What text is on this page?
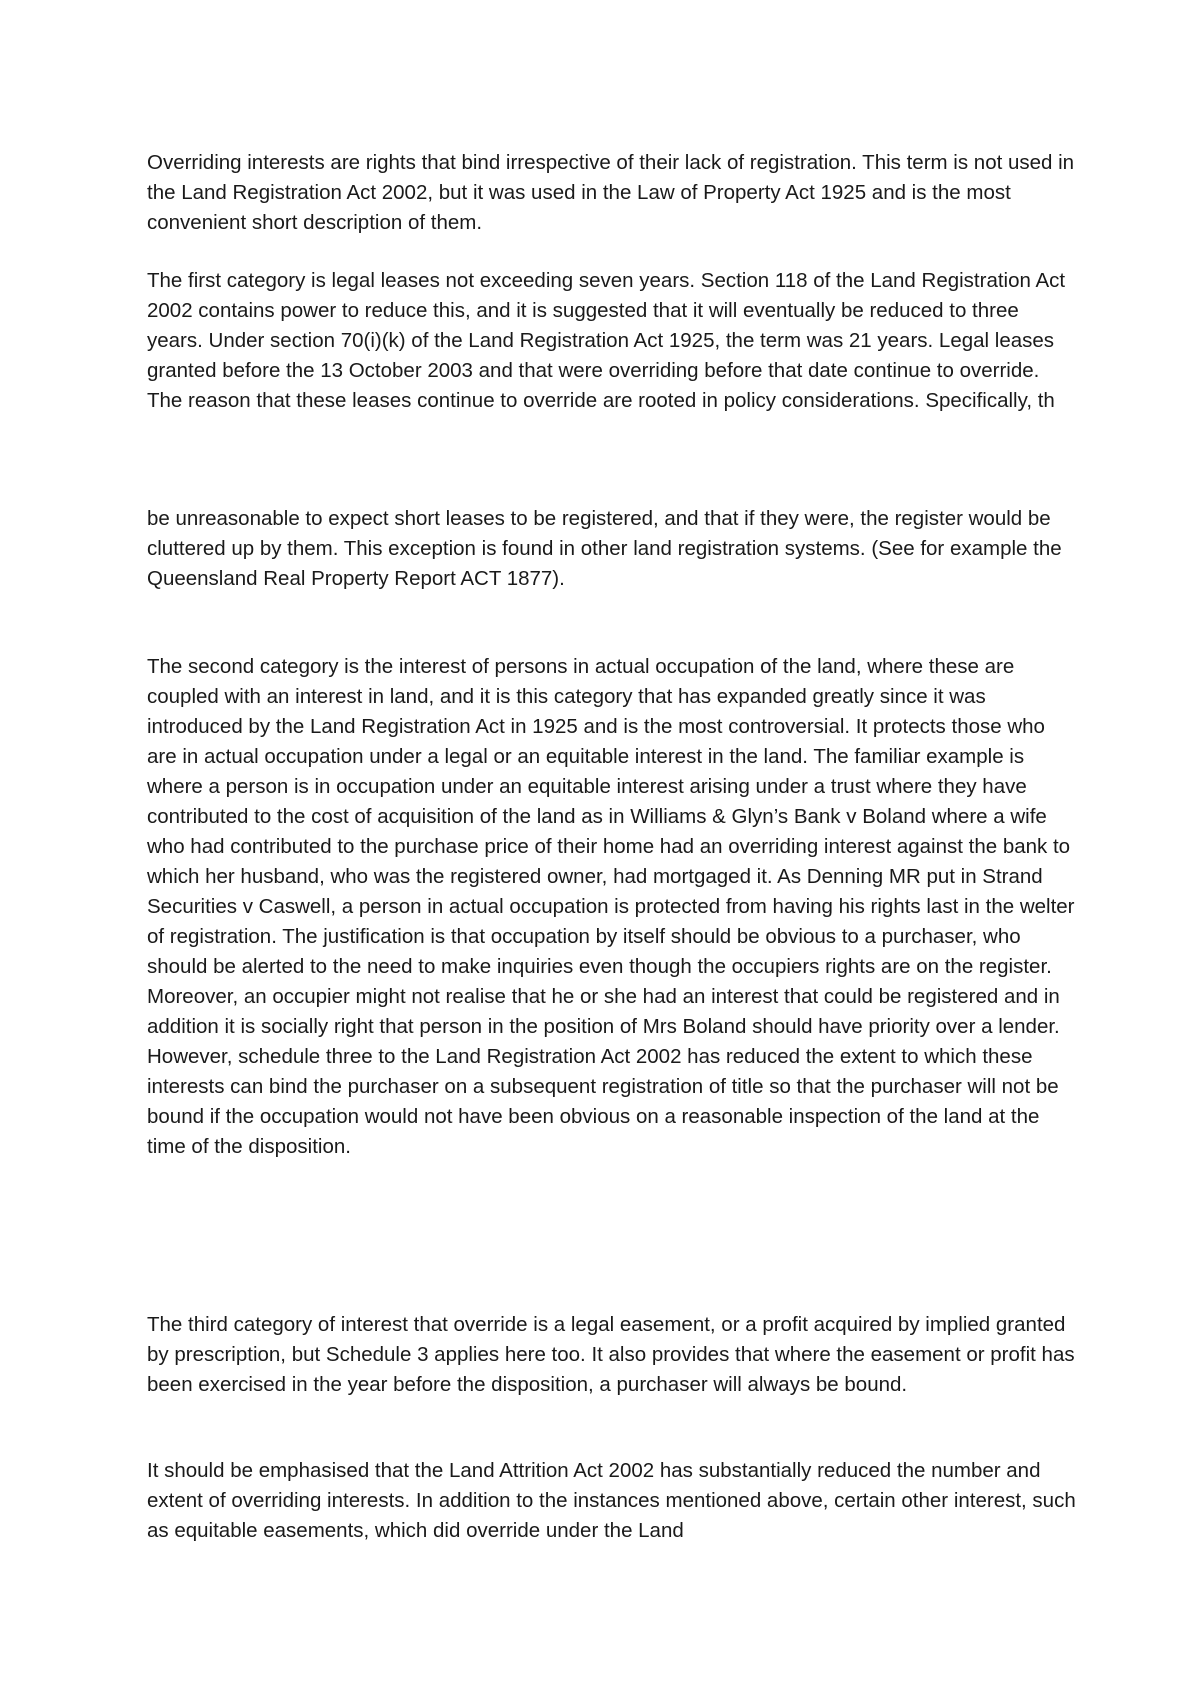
Overriding interests are rights that bind irrespective of their lack of registration. This term is not used in the Land Registration Act 2002, but it was used in the Law of Property Act 1925 and is the most convenient short description of them.

The first category is legal leases not exceeding seven years. Section 118 of the Land Registration Act 2002 contains power to reduce this, and it is suggested that it will eventually be reduced to three years. Under section 70(i)(k) of the Land Registration Act 1925, the term was 21 years. Legal leases granted before the 13 October 2003 and that were overriding before that date continue to override. The reason that these leases continue to override are rooted in policy considerations. Specifically, th

be unreasonable to expect short leases to be registered, and that if they were, the register would be cluttered up by them. This exception is found in other land registration systems. (See for example the Queensland Real Property Report ACT 1877).

The second category is the interest of persons in actual occupation of the land, where these are coupled with an interest in land, and it is this category that has expanded greatly since it was introduced by the Land Registration Act in 1925 and is the most controversial. It protects those who are in actual occupation under a legal or an equitable interest in the land. The familiar example is where a person is in occupation under an equitable interest arising under a trust where they have contributed to the cost of acquisition of the land as in Williams & Glyn’s Bank v Boland where a wife who had contributed to the purchase price of their home had an overriding interest against the bank to which her husband, who was the registered owner, had mortgaged it. As Denning MR put in Strand Securities v Caswell, a person in actual occupation is protected from having his rights last in the welter of registration. The justification is that occupation by itself should be obvious to a purchaser, who should be alerted to the need to make inquiries even though the occupiers rights are on the register. Moreover, an occupier might not realise that he or she had an interest that could be registered and in addition it is socially right that person in the position of Mrs Boland should have priority over a lender. However, schedule three to the Land Registration Act 2002 has reduced the extent to which these interests can bind the purchaser on a subsequent registration of title so that the purchaser will not be bound if the occupation would not have been obvious on a reasonable inspection of the land at the time of the disposition.

The third category of interest that override is a legal easement, or a profit acquired by implied granted by prescription, but Schedule 3 applies here too. It also provides that where the easement or profit has been exercised in the year before the disposition, a purchaser will always be bound.

It should be emphasised that the Land Attrition Act 2002 has substantially reduced the number and extent of overriding interests. In addition to the instances mentioned above, certain other interest, such as equitable easements, which did override under the Land
